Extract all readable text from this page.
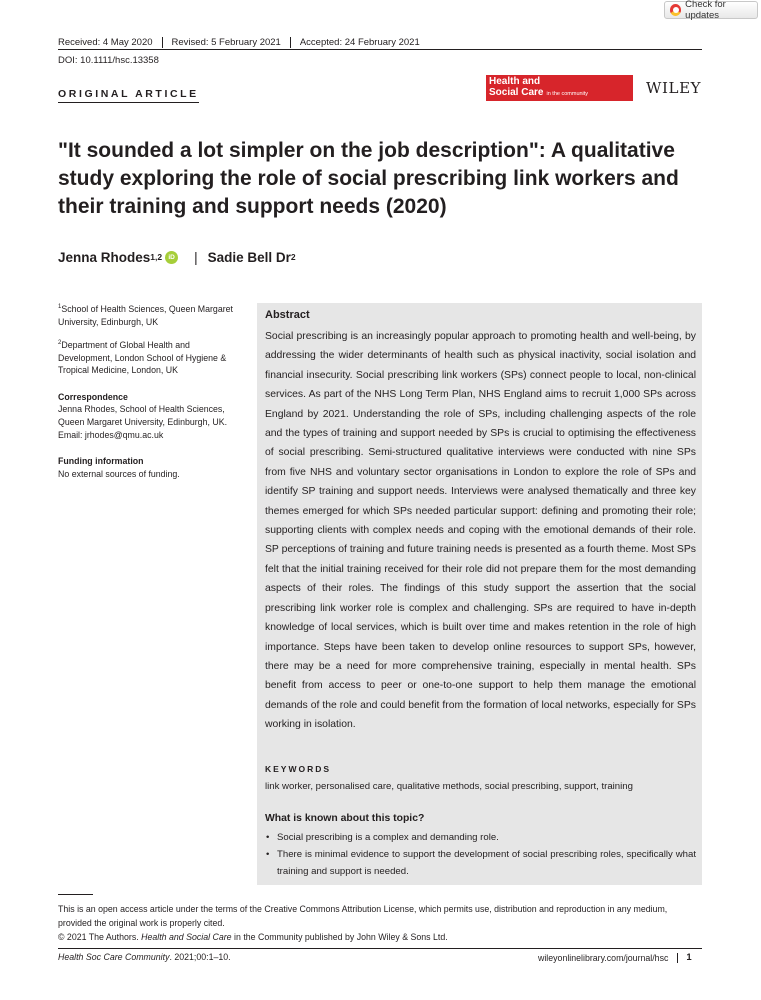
Check for updates
Received: 4 May 2020 Revised: 5 February 2021 Accepted: 24 February 2021
DOI: 10.1111/hsc.13358
ORIGINAL ARTICLE
Health and
Social Care in the community	WILEY
"It sounded a lot simpler on the job description": A qualitative study exploring the role of social prescribing link workers and their training and support needs (2020)
Jenna Rhodes$^{1,2}$ iD | Sadie Bell Dr$^2$

$^1$School of Health Sciences, Queen Margaret University, Edinburgh, UK

$^2$Department of Global Health and Development, London School of Hygiene & Tropical Medicine, London, UK

Correspondence
Jenna Rhodes, School of Health Sciences, Queen Margaret University, Edinburgh, UK.
Email: jrhodes@qmu.ac.uk

Funding information
No external sources of funding.

Abstract
Social prescribing is an increasingly popular approach to promoting health and well-being, by addressing the wider determinants of health such as physical inactivity, social isolation and financial insecurity. Social prescribing link workers (SPs) connect people to local, non-clinical services. As part of the NHS Long Term Plan, NHS England aims to recruit 1,000 SPs across England by 2021. Understanding the role of SPs, including challenging aspects of the role and the types of training and support needed by SPs is crucial to optimising the effectiveness of social prescribing. Semi-structured qualitative interviews were conducted with nine SPs from five NHS and voluntary sector organisations in London to explore the role of SPs and identify SP training and support needs. Interviews were analysed thematically and three key themes emerged for which SPs needed particular support: defining and promoting their role; supporting clients with complex needs and coping with the emotional demands of their role. SP perceptions of training and future training needs is presented as a fourth theme. Most SPs felt that the initial training received for their role did not prepare them for the most demanding aspects of their roles. The findings of this study support the assertion that the social prescribing link worker role is complex and challenging. SPs are required to have in-depth knowledge of local services, which is built over time and makes retention in the role of high importance. Steps have been taken to develop online resources to support SPs, however, there may be a need for more comprehensive training, especially in mental health. SPs benefit from access to peer or one-to-one support to help them manage the emotional demands of the role and could benefit from the formation of local networks, especially for SPs working in isolation.
KEYWORDS
link worker, personalised care, qualitative methods, social prescribing, support, training
What is known about this topic?

• Social prescribing is a complex and demanding role.

• There is minimal evidence to support the development of social prescribing roles, specifically what training and support is needed.

This is an open access article under the terms of the Creative Commons Attribution License, which permits use, distribution and reproduction in any medium,
provided the original work is properly cited.
© 2021 The Authors. Health and Social Care in the Community published by John Wiley & Sons Ltd.
Health Soc Care Community. 2021;00:1–10.	wileyonlinelibrary.com/journal/hsc 1
